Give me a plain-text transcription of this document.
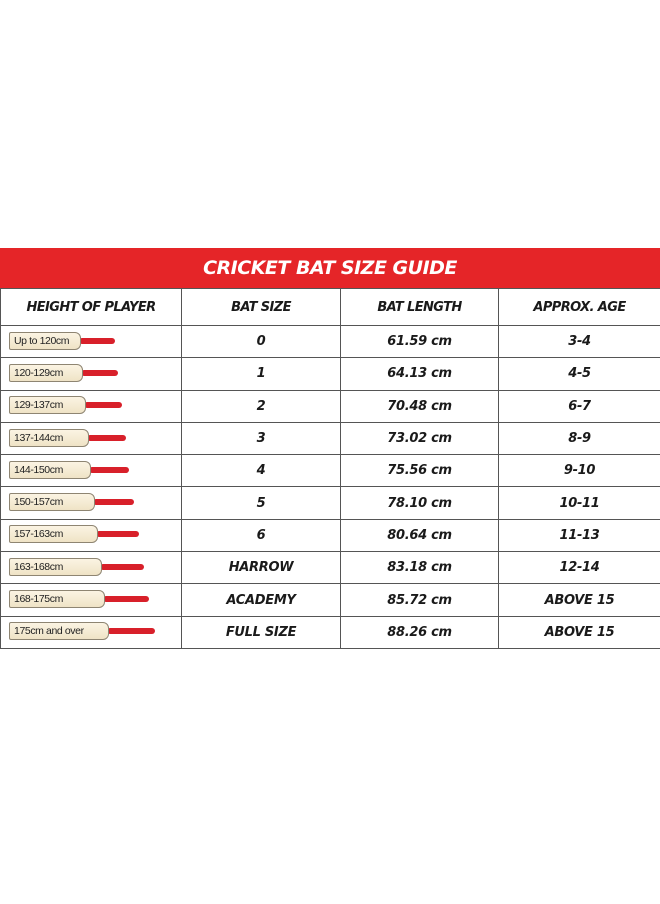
CRICKET BAT SIZE GUIDE
HEIGHT OF PLAYER	BAT SIZE	BAT LENGTH	APPROX. AGE

Up to 120cm	0	61.59 cm	3-4

120-129cm	1	64.13 cm	4-5

129-137cm	2	70.48 cm	6-7

137-144cm	3	73.02 cm	8-9

144-150cm	4	75.56 cm	9-10

150-157cm	5	78.10 cm	10-11

157-163cm	6	80.64 cm	11-13

163-168cm	HARROW	83.18 cm	12-14

168-175cm	ACADEMY	85.72 cm	ABOVE 15

175cm and over	FULL SIZE	88.26 cm	ABOVE 15
